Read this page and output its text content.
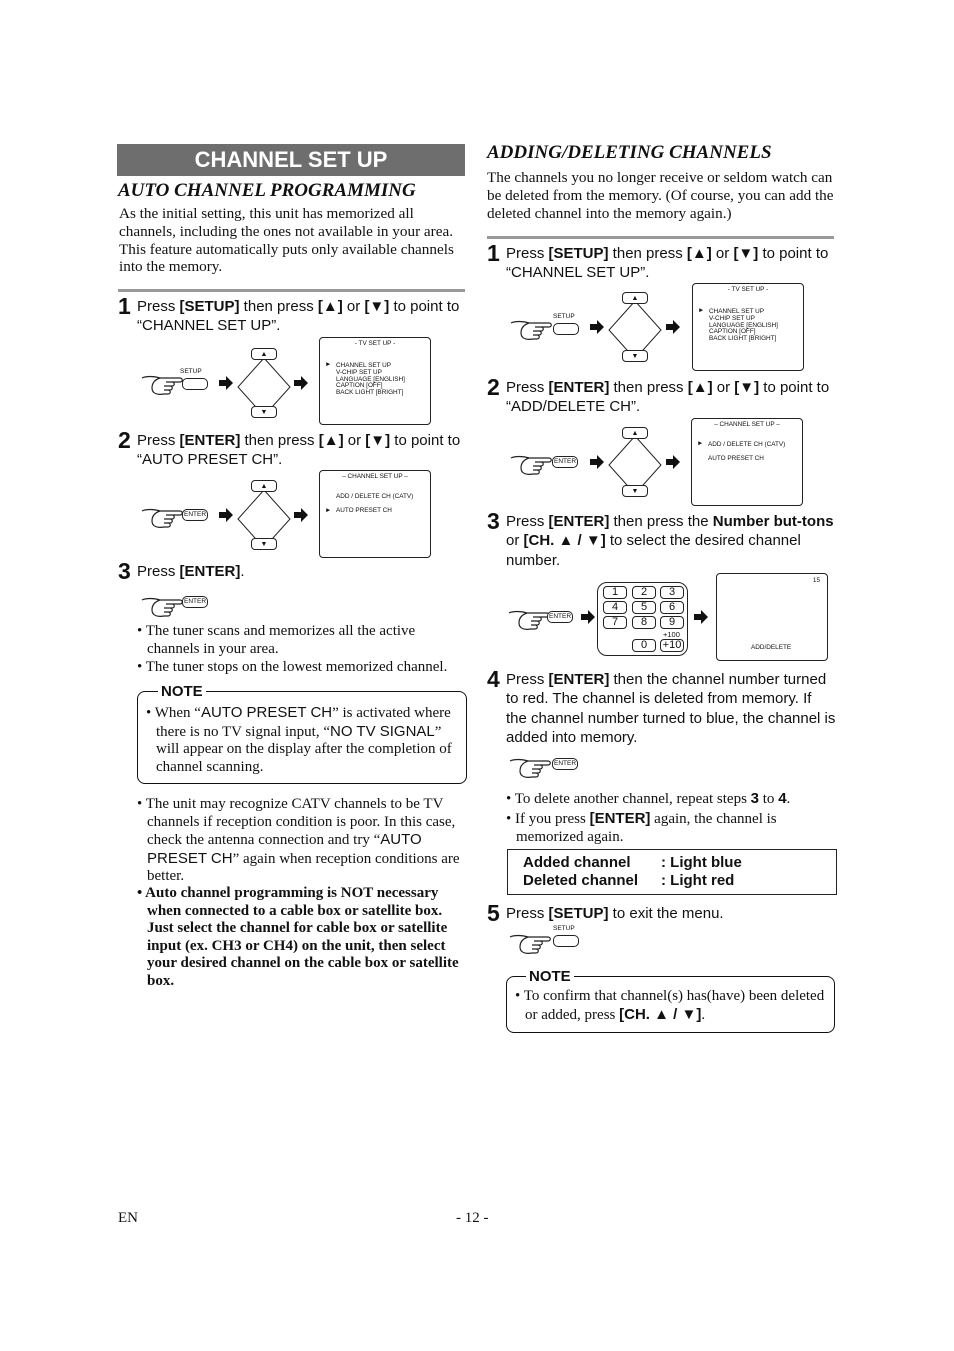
CHANNEL SET UP
AUTO CHANNEL PROGRAMMING
As the initial setting, this unit has memorized all channels, including the ones not available in your area. This feature automatically puts only available channels into the memory.
1 Press [SETUP] then press [▲] or [▼] to point to “CHANNEL SET UP”.
SETUP
▲
▼
- TV SET UP -
► CHANNEL SET UP
V-CHIP SET UP
LANGUAGE [ENGLISH]
CAPTION [OFF]
BACK LIGHT [BRIGHT]
2 Press [ENTER] then press [▲] or [▼] to point to “AUTO PRESET CH”.
ENTER
▲
▼
– CHANNEL SET UP –
ADD / DELETE CH (CATV)
► AUTO PRESET CH
3 Press [ENTER].
ENTER
• The tuner scans and memorizes all the active channels in your area.
• The tuner stops on the lowest memorized channel.
NOTE
• When “AUTO PRESET CH” is activated where there is no TV signal input, “NO TV SIGNAL” will appear on the display after the completion of channel scanning.
• The unit may recognize CATV channels to be TV channels if reception condition is poor. In this case, check the antenna connection and try “AUTO PRESET CH” again when reception conditions are better.
• Auto channel programming is NOT necessary when connected to a cable box or satellite box. Just select the channel for cable box or satellite input (ex. CH3 or CH4) on the unit, then select your desired channel on the cable box or satellite box.
ADDING/DELETING CHANNELS
The channels you no longer receive or seldom watch can be deleted from the memory. (Of course, you can add the deleted channel into the memory again.)
1 Press [SETUP] then press [▲] or [▼] to point to “CHANNEL SET UP”.
SETUP
▲
▼
- TV SET UP -
► CHANNEL SET UP
V-CHIP SET UP
LANGUAGE [ENGLISH]
CAPTION [OFF]
BACK LIGHT [BRIGHT]
2 Press [ENTER] then press [▲] or [▼] to point to “ADD/DELETE CH”.
ENTER
▲
▼
– CHANNEL SET UP –
► ADD / DELETE CH (CATV)
AUTO PRESET CH
3 Press [ENTER] then press the Number but-tons or [CH. ▲ / ▼] to select the desired channel number.
ENTER
1	2	3
4	5	6
7	8	9
+100
0	+10
15
ADD/DELETE
4 Press [ENTER] then the channel number turned to red. The channel is deleted from memory. If the channel number turned to blue, the channel is added into memory.
ENTER
• To delete another channel, repeat steps 3 to 4.
• If you press [ENTER] again, the channel is memorized again.
Added channel : Light blue
Deleted channel : Light red
5 Press [SETUP] to exit the menu.
SETUP
NOTE
• To confirm that channel(s) has(have) been deleted or added, press [CH. ▲ / ▼].
EN	- 12 -
